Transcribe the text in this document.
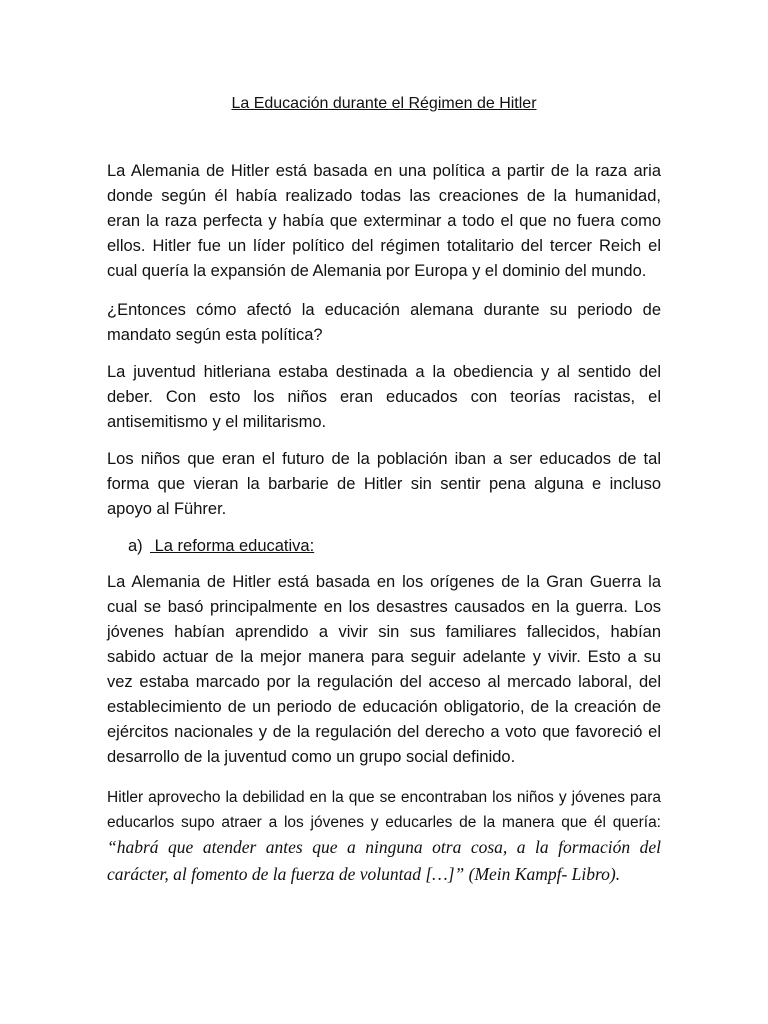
La Educación durante el Régimen de Hitler

La Alemania de Hitler está basada en una política a partir de la raza aria donde según él había realizado todas las creaciones de la humanidad, eran la raza perfecta y había que exterminar a todo el que no fuera como ellos. Hitler fue un líder político del régimen totalitario del tercer Reich el cual quería la expansión de Alemania por Europa y el dominio del mundo.

¿Entonces cómo afectó la educación alemana durante su periodo de mandato según esta política?

La juventud hitleriana estaba destinada a la obediencia y al sentido del deber. Con esto los niños eran educados con teorías racistas, el antisemitismo y el militarismo.

Los niños que eran el futuro de la población iban a ser educados de tal forma que vieran la barbarie de Hitler sin sentir pena alguna e incluso apoyo al Führer.

a) La reforma educativa:

La Alemania de Hitler está basada en los orígenes de la Gran Guerra la cual se basó principalmente en los desastres causados en la guerra. Los jóvenes habían aprendido a vivir sin sus familiares fallecidos, habían sabido actuar de la mejor manera para seguir adelante y vivir. Esto a su vez estaba marcado por la regulación del acceso al mercado laboral, del establecimiento de un periodo de educación obligatorio, de la creación de ejércitos nacionales y de la regulación del derecho a voto que favoreció el desarrollo de la juventud como un grupo social definido.

Hitler aprovecho la debilidad en la que se encontraban los niños y jóvenes para educarlos supo atraer a los jóvenes y educarles de la manera que él quería: “habrá que atender antes que a ninguna otra cosa, a la formación del carácter, al fomento de la fuerza de voluntad […]” (Mein Kampf- Libro).
